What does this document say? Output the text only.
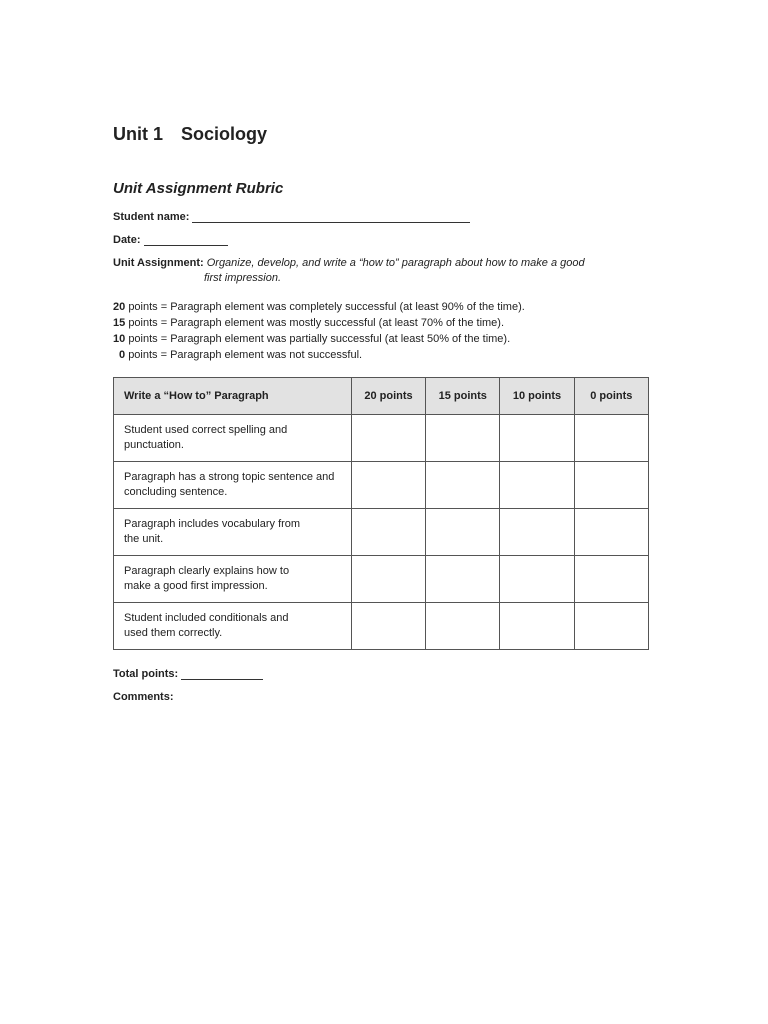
Unit 1 Sociology
Unit Assignment Rubric
Student name:
Date:
Unit Assignment: Organize, develop, and write a “how to” paragraph about how to make a good
first impression.
20 points = Paragraph element was completely successful (at least 90% of the time).
15 points = Paragraph element was mostly successful (at least 70% of the time).
10 points = Paragraph element was partially successful (at least 50% of the time).
0 points = Paragraph element was not successful.
Write a “How to” Paragraph	20 points	15 points	10 points	0 points
Student used correct spelling and
punctuation.				
Paragraph has a strong topic sentence and
concluding sentence.				
Paragraph includes vocabulary from
the unit.				
Paragraph clearly explains how to
make a good first impression.				
Student included conditionals and
used them correctly.				
Total points:
Comments:
